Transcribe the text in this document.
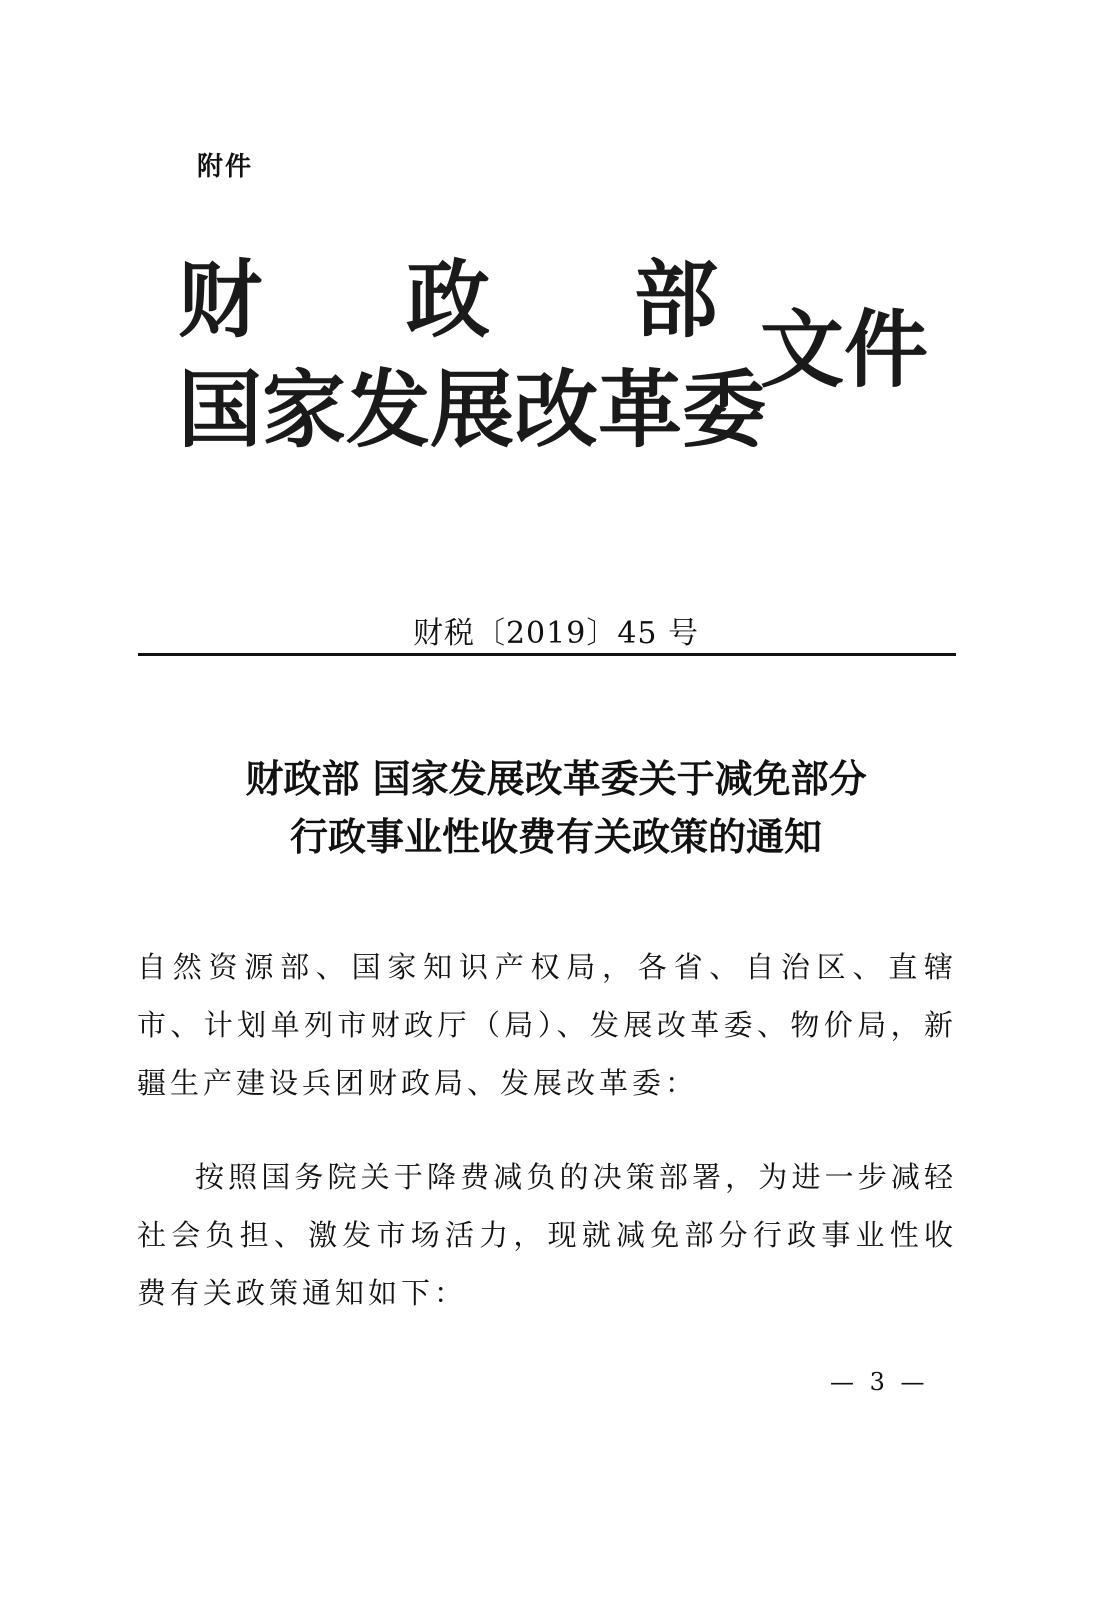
附件
财 政 部
国家发展改革委
文件
财税〔2019〕45 号
财政部 国家发展改革委关于减免部分
行政事业性收费有关政策的通知
自然资源部、国家知识产权局，各省、自治区、直辖市、计划单列市财政厅（局）、发展改革委、物价局，新疆生产建设兵团财政局、发展改革委：
按照国务院关于降费减负的决策部署，为进一步减轻社会负担、激发市场活力，现就减免部分行政事业性收费有关政策通知如下：
— 3 —
